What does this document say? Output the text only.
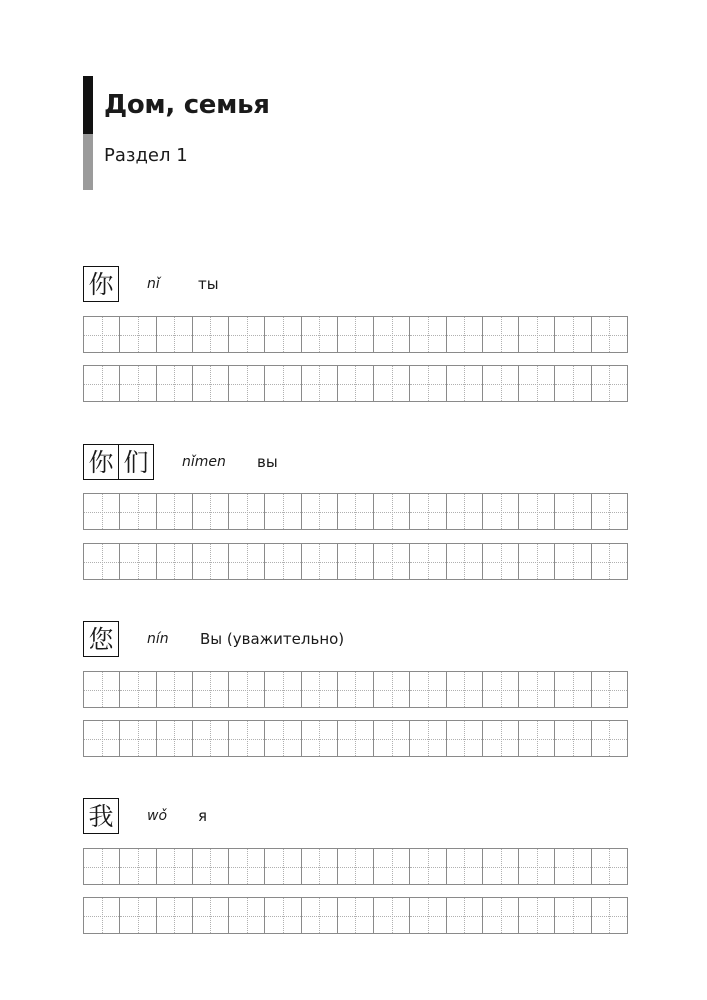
Дом, семья
Раздел 1
你	nǐ	ты
你 们	nǐmen вы
您	nín Вы (уважительно)
我	wǒ я
